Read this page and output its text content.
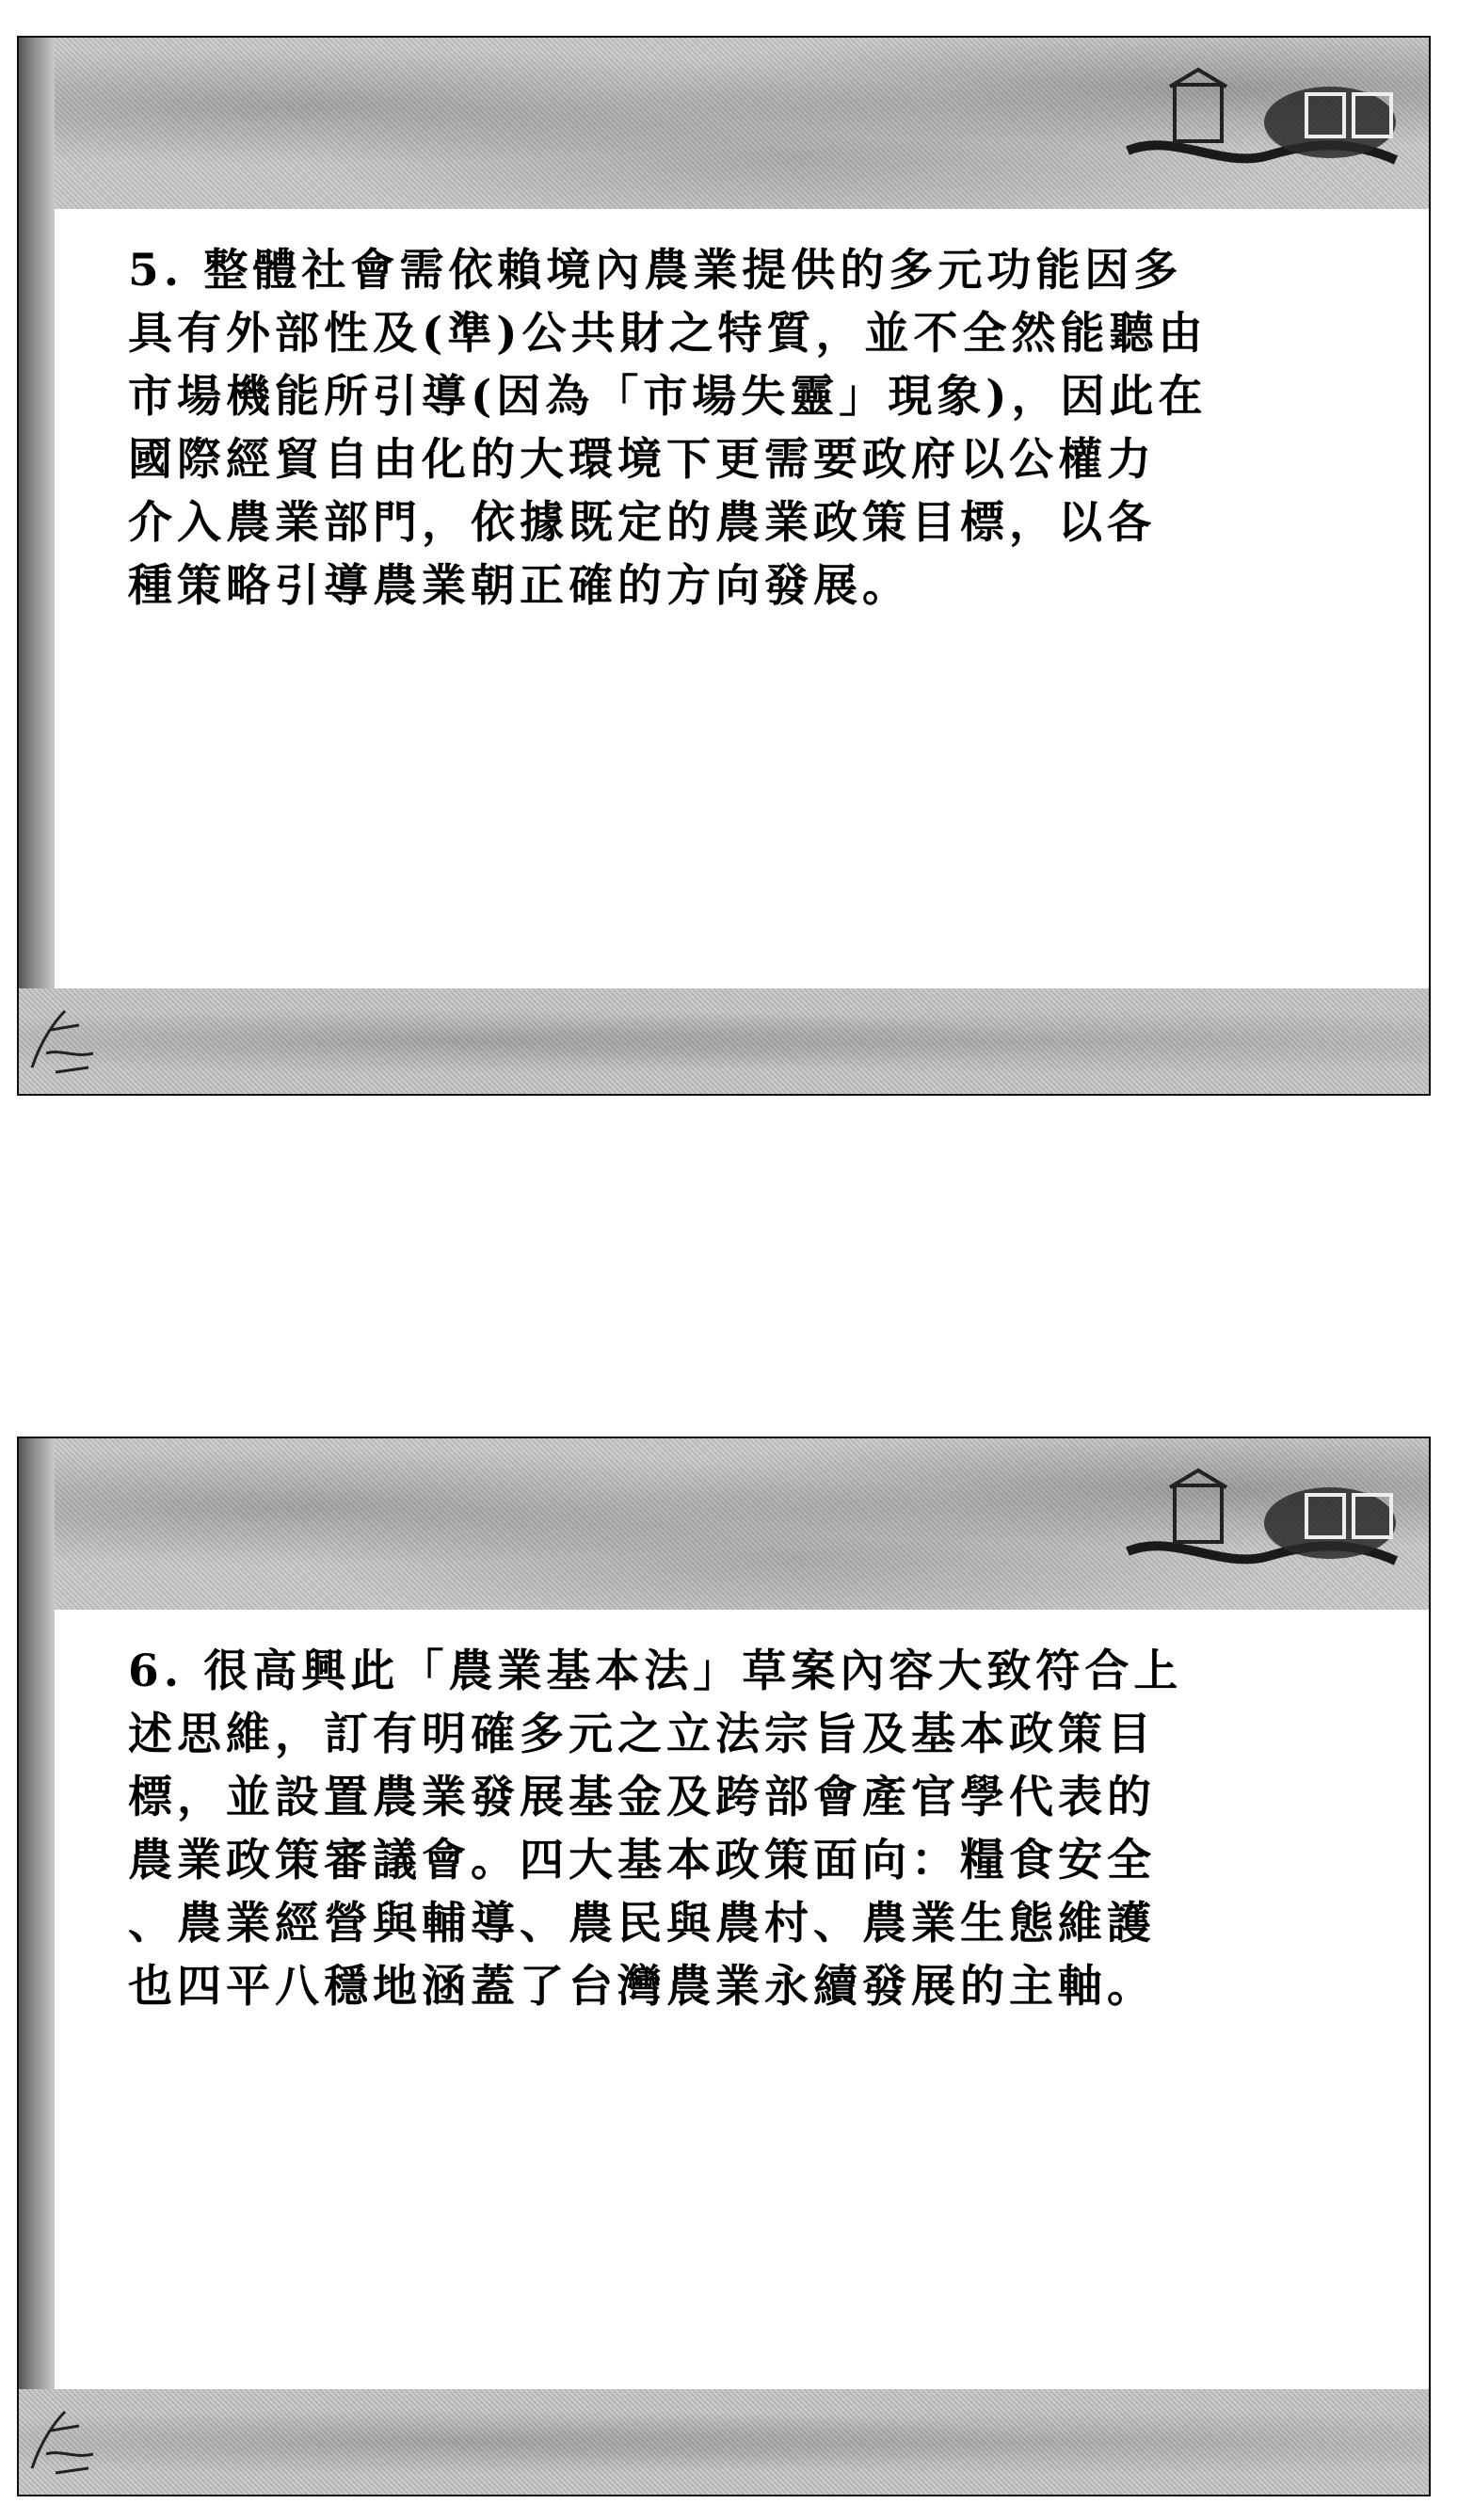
5. 整體社會需依賴境內農業提供的多元功能因多
具有外部性及(準)公共財之特質，並不全然能聽由
市場機能所引導(因為「市場失靈」現象)，因此在
國際經貿自由化的大環境下更需要政府以公權力
介入農業部門，依據既定的農業政策目標，以各
種策略引導農業朝正確的方向發展。

6. 很高興此「農業基本法」草案內容大致符合上
述思維，訂有明確多元之立法宗旨及基本政策目
標，並設置農業發展基金及跨部會產官學代表的
農業政策審議會。四大基本政策面向：糧食安全
、農業經營與輔導、農民與農村、農業生態維護
也四平八穩地涵蓋了台灣農業永續發展的主軸。
